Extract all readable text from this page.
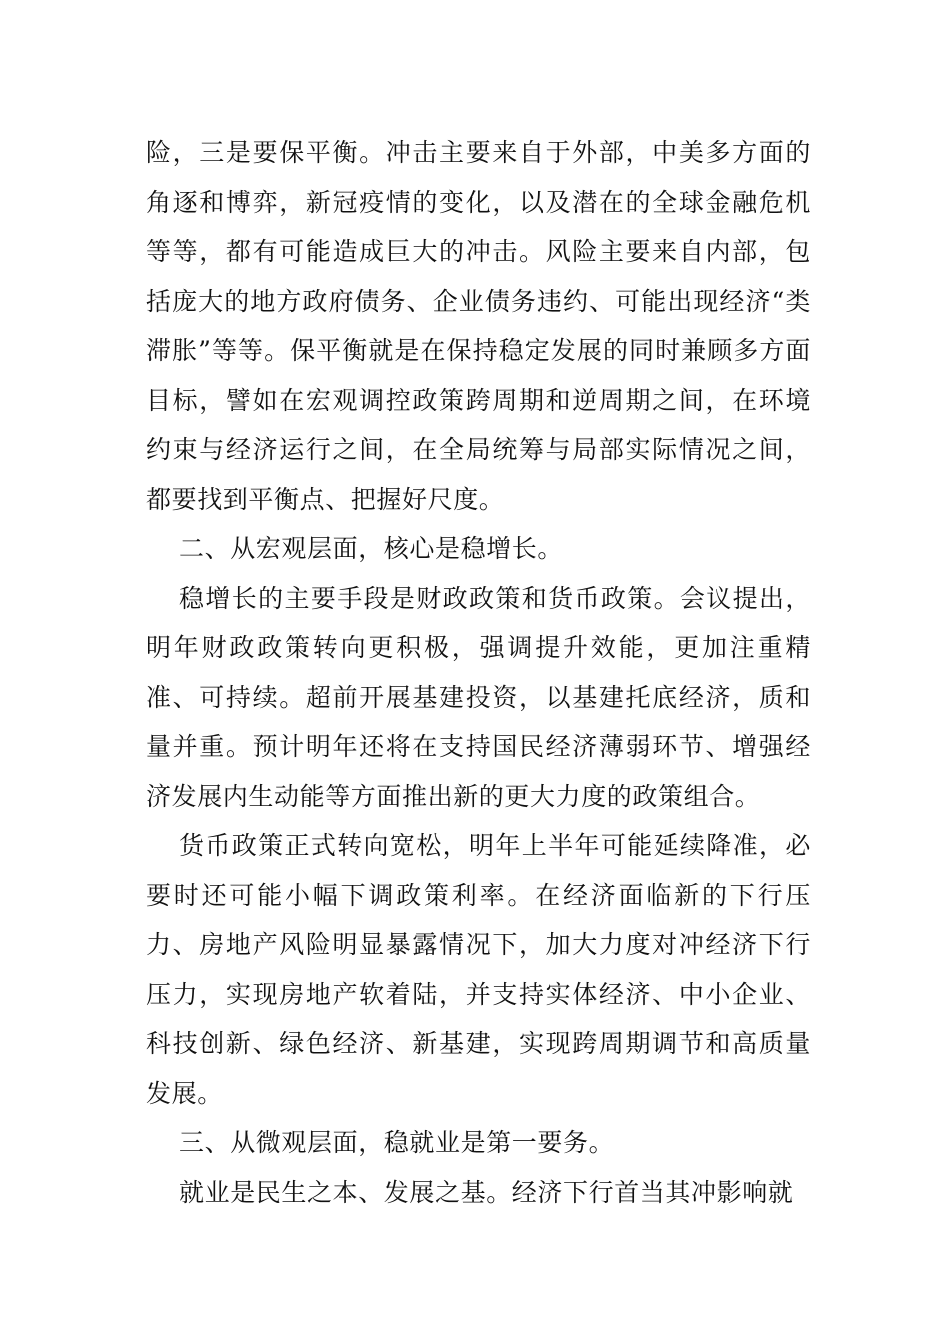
险，三是要保平衡。冲击主要来自于外部，中美多方面的角逐和博弈，新冠疫情的变化，以及潜在的全球金融危机等等，都有可能造成巨大的冲击。风险主要来自内部，包括庞大的地方政府债务、企业债务违约、可能出现经济“类滞胀”等等。保平衡就是在保持稳定发展的同时兼顾多方面目标，譬如在宏观调控政策跨周期和逆周期之间，在环境约束与经济运行之间，在全局统筹与局部实际情况之间，都要找到平衡点、把握好尺度。

二、从宏观层面，核心是稳增长。

稳增长的主要手段是财政政策和货币政策。会议提出，明年财政政策转向更积极，强调提升效能，更加注重精准、可持续。超前开展基建投资，以基建托底经济，质和量并重。预计明年还将在支持国民经济薄弱环节、增强经济发展内生动能等方面推出新的更大力度的政策组合。

货币政策正式转向宽松，明年上半年可能延续降准，必要时还可能小幅下调政策利率。在经济面临新的下行压力、房地产风险明显暴露情况下，加大力度对冲经济下行压力，实现房地产软着陆，并支持实体经济、中小企业、科技创新、绿色经济、新基建，实现跨周期调节和高质量发展。

三、从微观层面，稳就业是第一要务。

就业是民生之本、发展之基。经济下行首当其冲影响就
